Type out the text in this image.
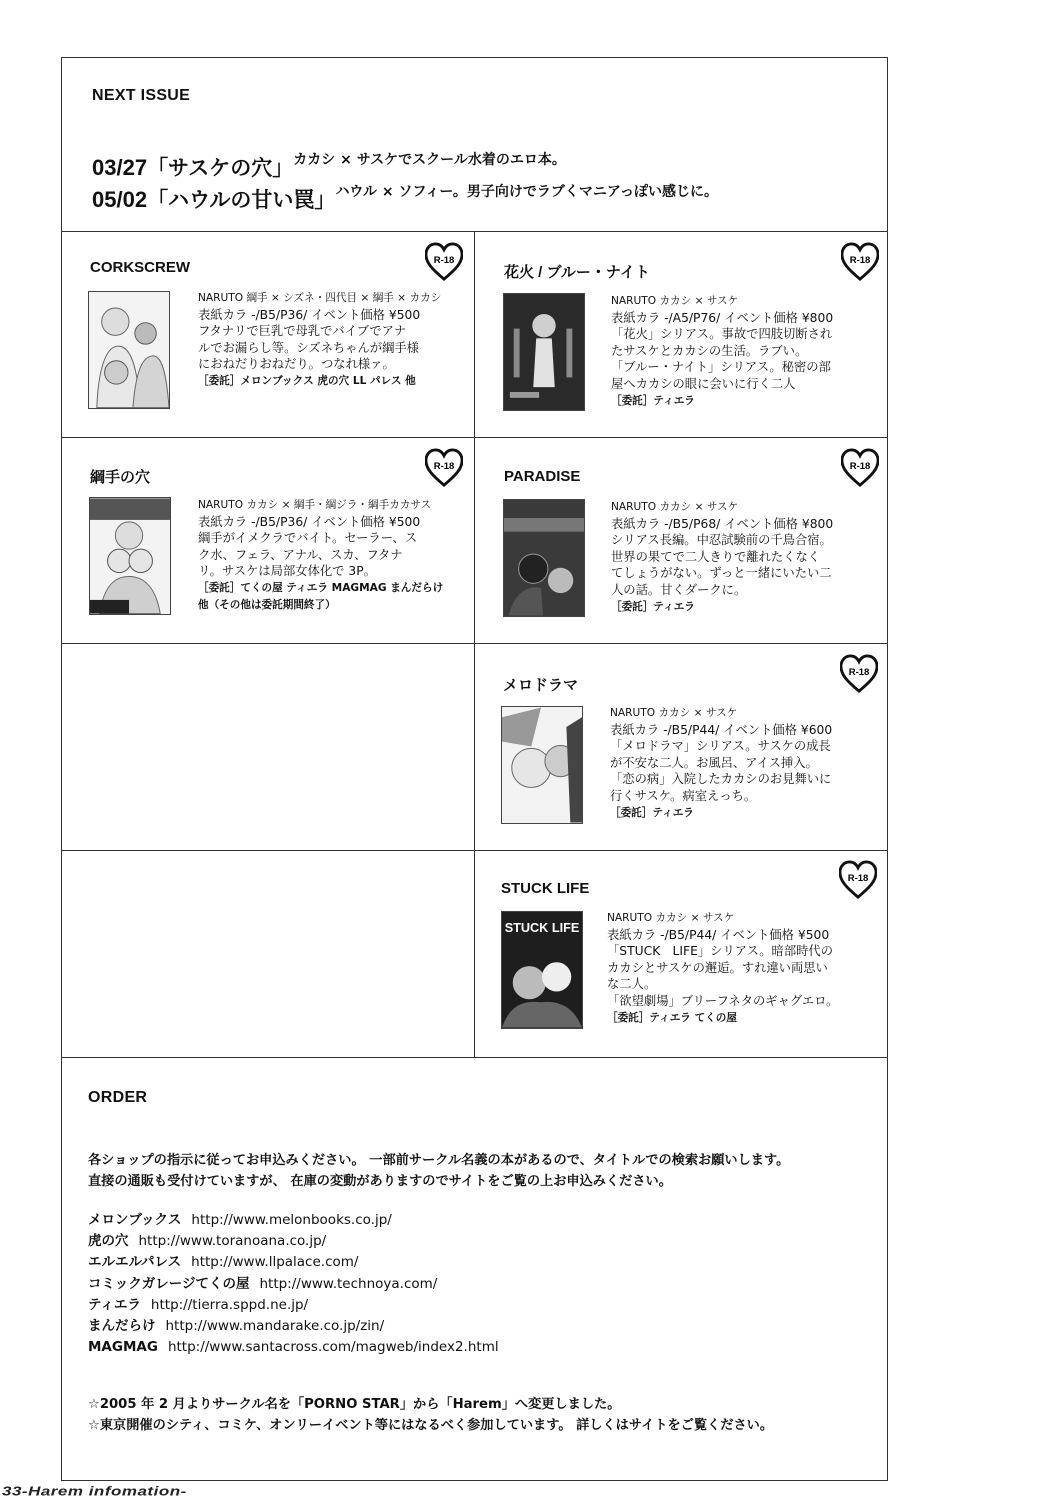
NEXT ISSUE
03/27「サスケの穴」 カカシ × サスケでスクール水着のエロ本。
05/02「ハウルの甘い罠」 ハウル × ソフィー。男子向けでラブくマニアっぽい感じに。
CORKSCREW	R-18
NARUTO 綱手 × シズネ・四代目 × 綱手 × カカシ
表紙カラ -/B5/P36/ イベント価格 ¥500
フタナリで巨乳で母乳でバイブでアナ
ルでお漏らし等。シズネちゃんが綱手様
におねだりおねだり。つなれ様ァ。
［委託］メロンブックス 虎の穴 LL パレス 他
花火 / ブルー・ナイト
R-18
NARUTO カカシ × サスケ
表紙カラ -/A5/P76/ イベント価格 ¥800
「花火」シリアス。事故で四肢切断され
たサスケとカカシの生活。ラブい。
「ブルー・ナイト」シリアス。秘密の部
屋へカカシの眼に会いに行く二人
［委託］ティエラ
綱手の穴
R-18
NARUTO カカシ × 綱手・綱ジラ・綱手カカサス
表紙カラ -/B5/P36/ イベント価格 ¥500
綱手がイメクラでバイト。セーラー、ス
ク水、フェラ、アナル、スカ、フタナ
リ。サスケは局部女体化で 3P。
［委託］てくの屋 ティエラ MAGMAG まんだらけ
他（その他は委託期間終了）
PARADISE
R-18
NARUTO カカシ × サスケ
表紙カラ -/B5/P68/ イベント価格 ¥800
シリアス長編。中忍試験前の千鳥合宿。
世界の果てで二人きりで離れたくなく
てしょうがない。ずっと一緒にいたい二
人の話。甘くダークに。
［委託］ティエラ
メロドラマ
R-18
NARUTO カカシ × サスケ
表紙カラ -/B5/P44/ イベント価格 ¥600
「メロドラマ」シリアス。サスケの成長
が不安な二人。お風呂、アイス挿入。
「恋の病」入院したカカシのお見舞いに
行くサスケ。病室えっち。
［委託］ティエラ
STUCK LIFE
R-18
STUCK LIFE
NARUTO カカシ × サスケ
表紙カラ -/B5/P44/ イベント価格 ¥500
「STUCK　LIFE」シリアス。暗部時代の
カカシとサスケの邂逅。すれ違い両思い
な二人。
「欲望劇場」ブリーフネタのギャグエロ。
［委託］ティエラ てくの屋
ORDER
各ショップの指示に従ってお申込みください。 一部前サークル名義の本があるので、タイトルでの検索お願いします。
直接の通販も受付けていますが、 在庫の変動がありますのでサイトをご覧の上お申込みください。
メロンブックス http://www.melonbooks.co.jp/
虎の穴 http://www.toranoana.co.jp/
エルエルパレス http://www.llpalace.com/
コミックガレージてくの屋 http://www.technoya.com/
ティエラ http://tierra.sppd.ne.jp/
まんだらけ http://www.mandarake.co.jp/zin/
MAGMAG http://www.santacross.com/magweb/index2.html
☆2005 年 2 月よりサークル名を「PORNO STAR」から「Harem」へ変更しました。
☆東京開催のシティ、コミケ、オンリーイベント等にはなるべく参加しています。 詳しくはサイトをご覧ください。
33-Harem infomation-
